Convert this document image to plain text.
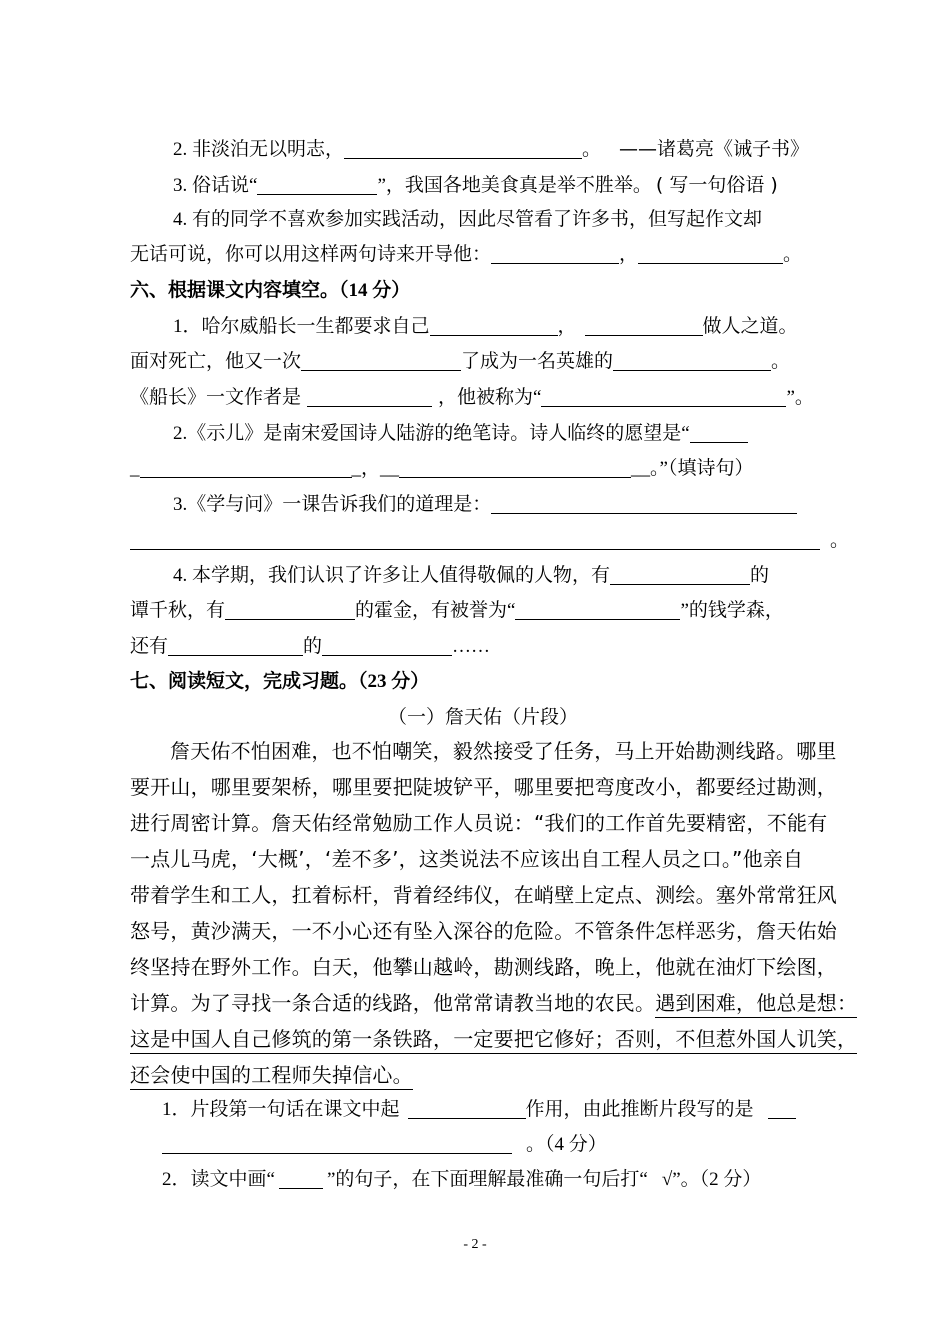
2. 非淡泊无以明志，	。 ——诸葛亮《诫子书》
3. 俗话说“	”，我国各地美食真是举不胜举。 ( 写一句俗语 )
4. 有的同学不喜欢参加实践活动，因此尽管看了许多书，但写起作文却
无话可说，你可以用这样两句诗来开导他：	，	。
六、根据课文内容填空。（14 分）
1．哈尔威船长一生都要求自己	，	做人之道。
面对死亡，他又一次	了成为一名英雄的	。
《船长》一文作者是	，他被称为“	”。
2.《示儿》是南宋爱国诗人陆游的绝笔诗。诗人临终的愿望是“
_	_，__	__。”（填诗句）
3.《学与问》一课告诉我们的道理是：
。
4. 本学期，我们认识了许多让人值得敬佩的人物，有	的
谭千秋，有	的霍金，有被誉为“	”的钱学森，
还有	的	……
七、阅读短文，完成习题。（23 分）
（一）詹天佑（片段）
詹天佑不怕困难，也不怕嘲笑，毅然接受了任务，马上开始勘测线路。哪里
要开山，哪里要架桥，哪里要把陡坡铲平，哪里要把弯度改小，都要经过勘测，
进行周密计算。詹天佑经常勉励工作人员说：“我们的工作首先要精密，不能有
一点儿马虎，‘大概’，‘差不多’，这类说法不应该出自工程人员之口。”他亲自
带着学生和工人，扛着标杆，背着经纬仪，在峭壁上定点、测绘。塞外常常狂风
怒号，黄沙满天，一不小心还有坠入深谷的危险。不管条件怎样恶劣，詹天佑始
终坚持在野外工作。白天，他攀山越岭，勘测线路，晚上，他就在油灯下绘图，
计算。为了寻找一条合适的线路，他常常请教当地的农民。遇到困难，他总是想：
这是中国人自己修筑的第一条铁路，一定要把它修好；否则，不但惹外国人讥笑，
还会使中国的工程师失掉信心。
1．片段第一句话在课文中起	作用，由此推断片段写的是
。（4 分）
2．读文中画“	”的句子，在下面理解最准确一句后打“ √”。（2 分）
- 2 -
